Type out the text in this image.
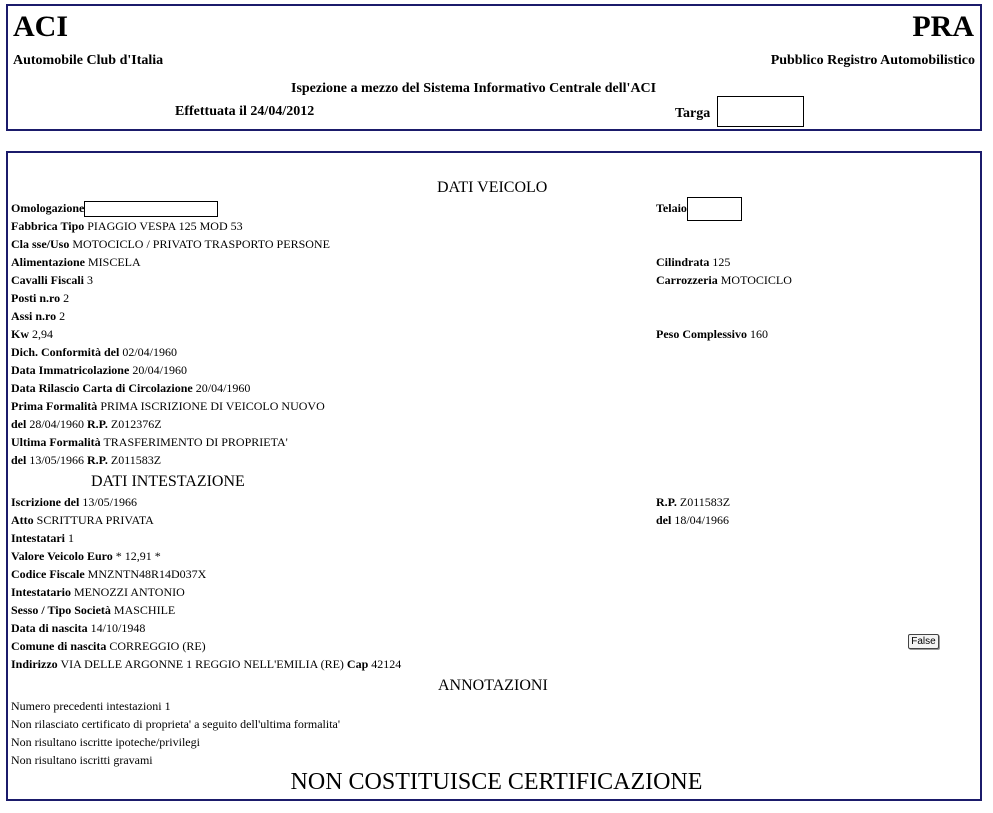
ACI
Automobile Club d'Italia
PRA
Pubblico Registro Automobilistico
Ispezione a mezzo del Sistema Informativo Centrale dell'ACI
Effettuata il 24/04/2012	Targa
DATI VEICOLO
Omologazione	Telaio
Fabbrica Tipo PIAGGIO VESPA 125 MOD 53
Cla sse/Uso MOTOCICLO / PRIVATO TRASPORTO PERSONE
Alimentazione MISCELA	Cilindrata 125
Cavalli Fiscali 3	Carrozzeria MOTOCICLO
Posti n.ro 2
Assi n.ro 2
Kw 2,94	Peso Complessivo 160
Dich. Conformità del 02/04/1960
Data Immatricolazione 20/04/1960
Data Rilascio Carta di Circolazione 20/04/1960
Prima Formalità PRIMA ISCRIZIONE DI VEICOLO NUOVO
del 28/04/1960 R.P. Z012376Z
Ultima Formalità TRASFERIMENTO DI PROPRIETA'
del 13/05/1966 R.P. Z011583Z
DATI INTESTAZIONE
Iscrizione del 13/05/1966	R.P. Z011583Z
Atto SCRITTURA PRIVATA	del 18/04/1966
Intestatari 1
Valore Veicolo Euro * 12,91 *
Codice Fiscale MNZNTN48R14D037X
Intestatario MENOZZI ANTONIO
Sesso / Tipo Società MASCHILE
Data di nascita 14/10/1948
Comune di nascita CORREGGIO (RE)
Indirizzo VIA DELLE ARGONNE 1 REGGIO NELL'EMILIA (RE) Cap 42124
False
ANNOTAZIONI
Numero precedenti intestazioni 1
Non rilasciato certificato di proprieta' a seguito dell'ultima formalita'
Non risultano iscritte ipoteche/privilegi
Non risultano iscritti gravami
NON COSTITUISCE CERTIFICAZIONE
